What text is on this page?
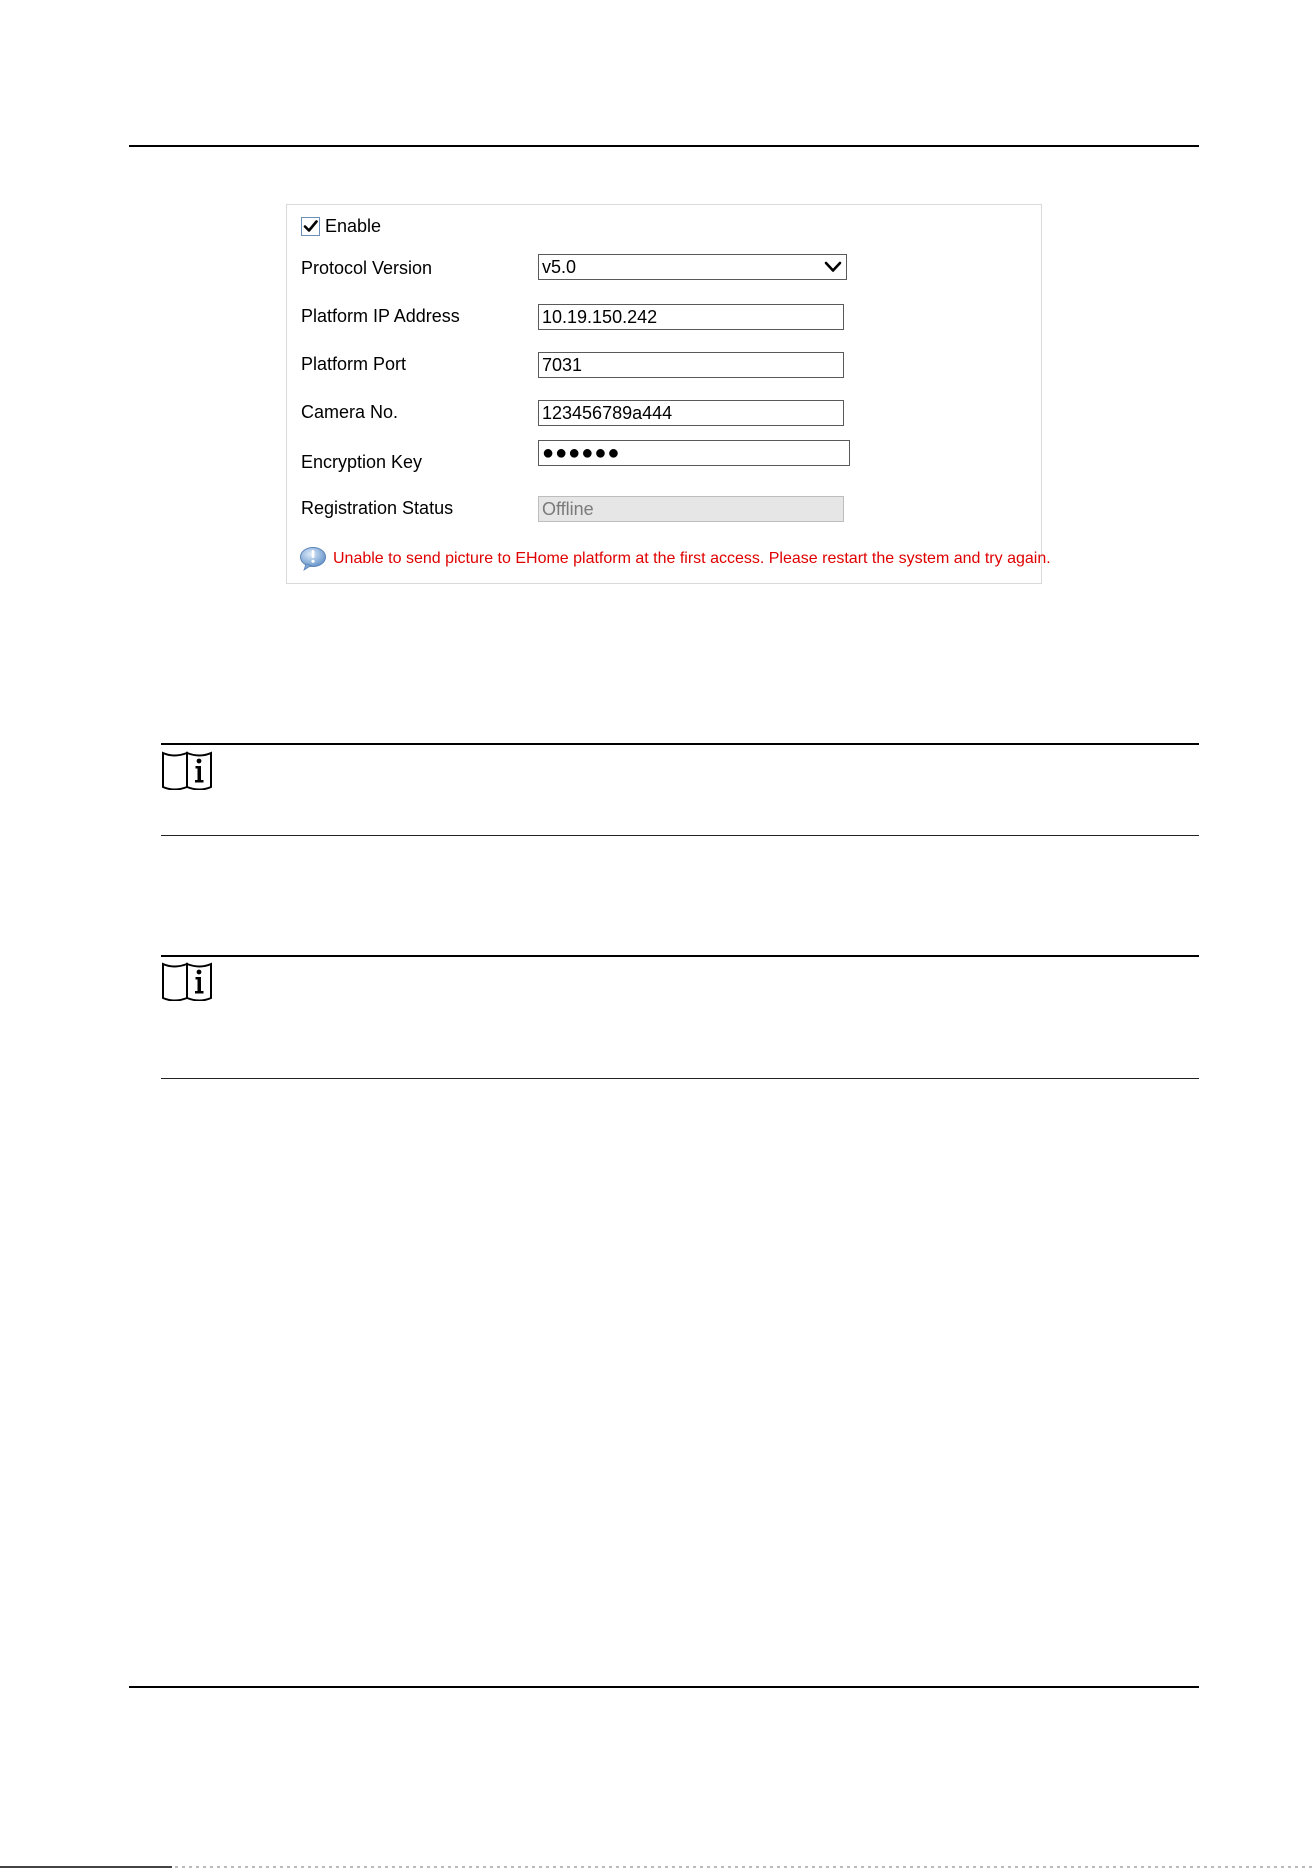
Enable
Protocol Version	v5.0
Platform IP Address	10.19.150.242
Platform Port	7031
Camera No.	123456789a444
Encryption Key	●●●●●●
Registration Status	Offline
Unable to send picture to EHome platform at the first access. Please restart the system and try again.
